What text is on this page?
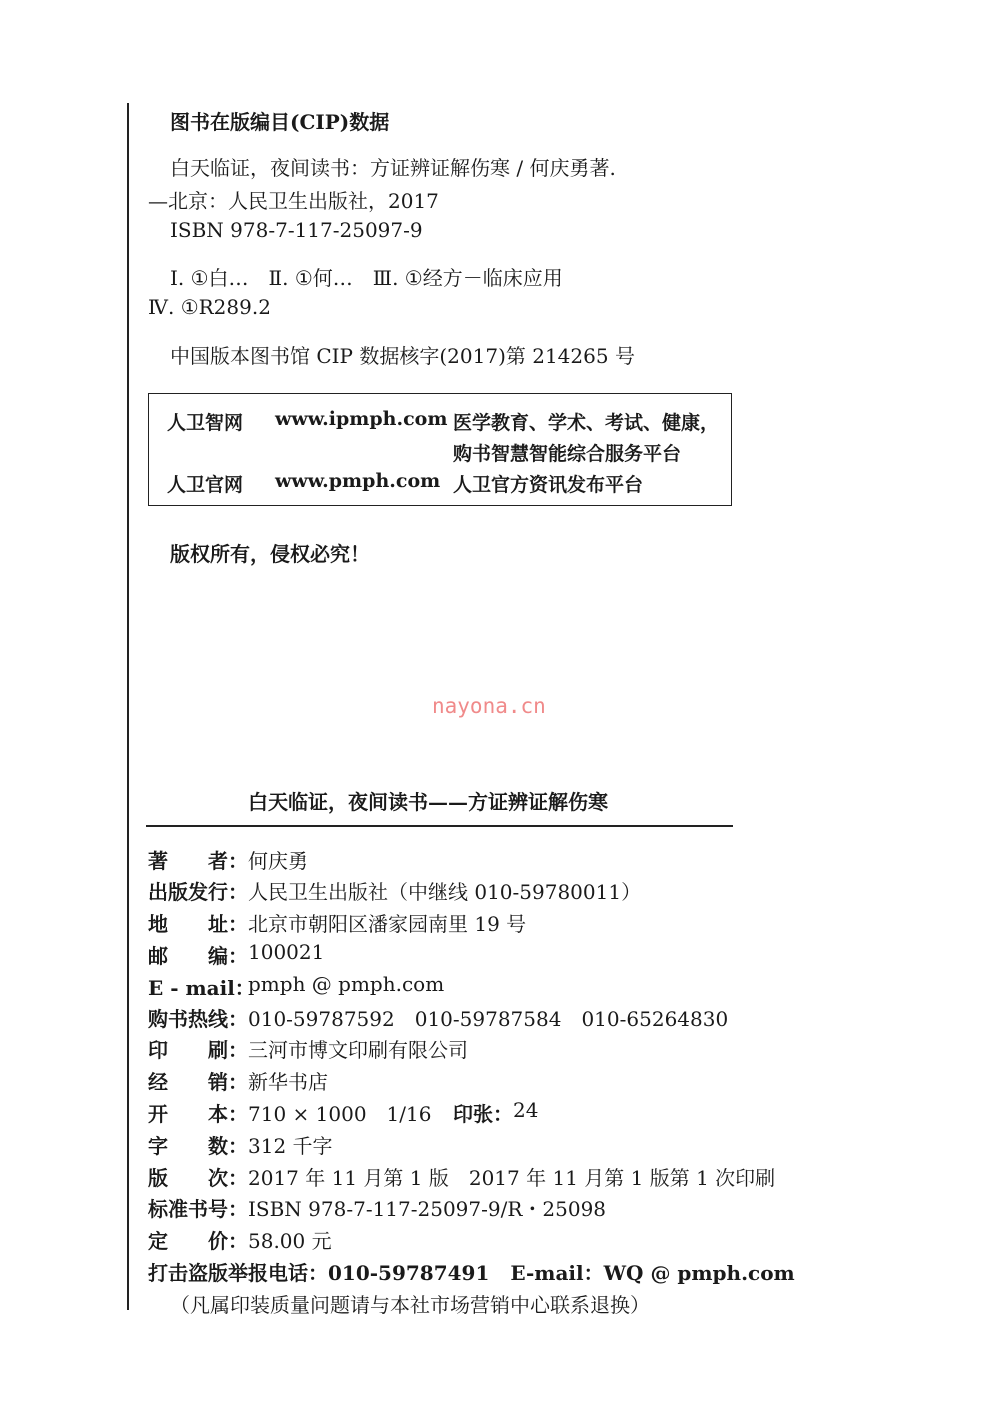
图书在版编目(CIP)数据
白天临证，夜间读书：方证辨证解伤寒 / 何庆勇著.
—北京：人民卫生出版社，2017
ISBN 978-7-117-25097-9
Ⅰ. ①白…　Ⅱ. ①何…　Ⅲ. ①经方－临床应用
Ⅳ. ①R289.2
中国版本图书馆 CIP 数据核字(2017)第 214265 号
人卫智网 www.ipmph.com 医学教育、学术、考试、健康，
购书智慧智能综合服务平台
人卫官网 www.pmph.com 人卫官方资讯发布平台
版权所有，侵权必究！
nayona.cn
白天临证，夜间读书——方证辨证解伤寒
著　　者： 何庆勇
出版发行： 人民卫生出版社（中继线 010-59780011）
地　　址： 北京市朝阳区潘家园南里 19 号
邮　　编： 100021
E - mail：
pmph @ pmph.com
购书热线： 010-59787592　010-59787584　010-65264830
印　　刷： 三河市博文印刷有限公司
经　　销： 新华书店
开　　本： 710 × 1000　1/16 印张： 24
字　　数： 312 千字
版　　次： 2017 年 11 月第 1 版　2017 年 11 月第 1 版第 1 次印刷
标准书号： ISBN 978-7-117-25097-9/R・25098
定　　价： 58.00 元
打击盗版举报电话：010-59787491 E-mail：WQ @ pmph.com
（凡属印装质量问题请与本社市场营销中心联系退换）
